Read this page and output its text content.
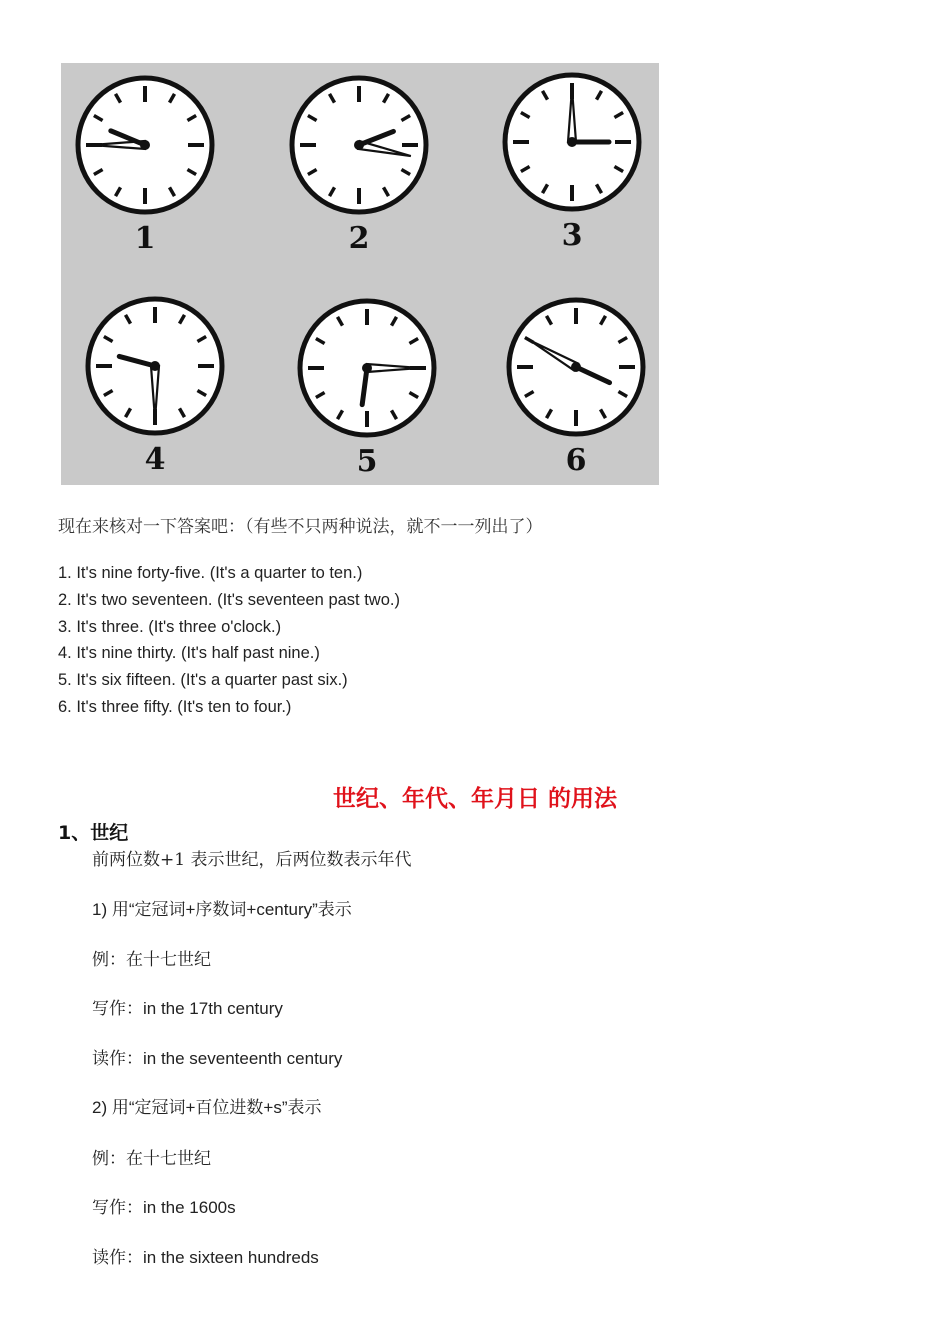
1	2	3
4	5	6
现在来核对一下答案吧：（有些不只两种说法，就不一一列出了）
1. It's nine forty-five. (It's a quarter to ten.)
2. It's two seventeen. (It's seventeen past two.)
3. It's three. (It's three o'clock.)
4. It's nine thirty. (It's half past nine.)
5. It's six fifteen. (It's a quarter past six.)
6. It's three fifty. (It's ten to four.)
世纪、年代、年月日 的用法
1、世纪
前两位数+1 表示世纪，后两位数表示年代
1) 用“定冠词+序数词+century”表示
例：在十七世纪
写作：in the 17th century
读作：in the seventeenth century
2) 用“定冠词+百位进数+s”表示
例：在十七世纪
写作：in the 1600s
读作：in the sixteen hundreds
